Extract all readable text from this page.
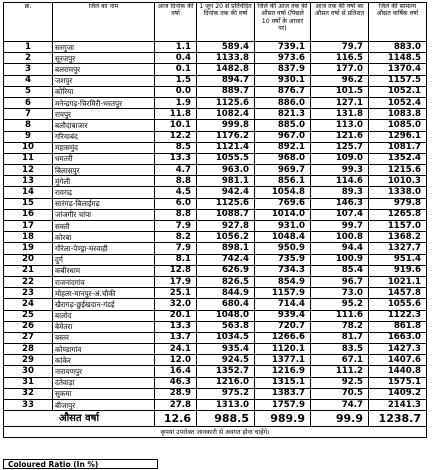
क्र.	जिले का नाम	आज दिनांक की वर्षा	1 जून 20 से प्रतिवेदित दिनांक तक की वर्षा	जिले की आज तक की औसत वर्षा (पिछले 10 वर्षों के आधार पर)	आज तक की वर्षा का औसत वर्षा से प्रतिशत	जिले की सामान्य औसत वार्षिक वर्षा
1	सरगुजा	1.1	589.4	739.1	79.7	883.0
2	सूरजपुर	0.4	1133.8	973.6	116.5	1148.5
3	बलरामपुर	0.1	1482.8	837.9	177.0	1370.4
4	जशपुर	1.5	894.7	930.1	96.2	1157.5
5	कोरिया	0.0	889.7	876.7	101.5	1052.1
6	मनेन्द्रगढ़-चिरमिरी-भरतपुर	1.9	1125.6	886.0	127.1	1052.4
7	रायपुर	11.8	1082.4	821.3	131.8	1083.8
8	बलौदाबाजार	10.1	999.8	885.0	113.0	1085.0
9	गरियाबंद	12.2	1176.2	967.0	121.6	1296.1
10	महासमुंद	8.5	1121.4	892.1	125.7	1081.7
11	धमतरी	13.3	1055.5	968.0	109.0	1352.4
12	बिलासपुर	4.7	963.0	969.7	99.3	1215.6
13	मुंगेली	8.8	981.1	856.1	114.6	1010.3
14	रायगढ़	4.5	942.4	1054.8	89.3	1338.0
15	सारंगढ़-बिलाईगढ़	6.0	1125.6	769.6	146.3	979.8
16	जांजगीर चांपा	8.8	1088.7	1014.0	107.4	1265.8
17	सक्ती	7.9	927.8	931.0	99.7	1157.0
18	कोरबा	8.2	1056.2	1048.4	100.8	1368.2
19	गौरेला-पेण्ड्रा-मरवाही	7.9	898.1	950.9	94.4	1327.7
20	दुर्ग	8.1	742.4	735.9	100.9	951.4
21	कबीरधाम	12.8	626.9	734.3	85.4	919.6
22	राजनांदगांव	17.9	826.5	854.9	96.7	1021.1
23	मोहला-मानपुर-अं.चौकी	25.1	844.9	1157.9	73.0	1457.8
24	खैरागढ़-छुईखदान-गंडई	32.0	680.4	714.4	95.2	1055.6
25	बालोद	20.1	1048.0	939.4	111.6	1122.3
26	बेमेतरा	13.3	563.8	720.7	78.2	861.8
27	बस्तर	13.7	1034.5	1266.6	81.7	1663.0
28	कोण्डागांव	24.1	935.4	1120.1	83.5	1427.3
29	कांकेर	12.0	924.5	1377.1	67.1	1407.6
30	नारायणपुर	16.4	1352.7	1216.9	111.2	1440.8
31	दंतेवाड़ा	46.3	1216.0	1315.1	92.5	1575.1
32	सुकमा	28.9	975.2	1383.7	70.5	1409.2
33	बीजापुर	27.8	1313.0	1757.9	74.7	2141.3
औसत वर्षा		12.6	988.5	989.9	99.9	1238.7
कृपया उपरोक्त जानकारी से अवगत होना चाहेंगे।						
Coloured Ratio (In %)
